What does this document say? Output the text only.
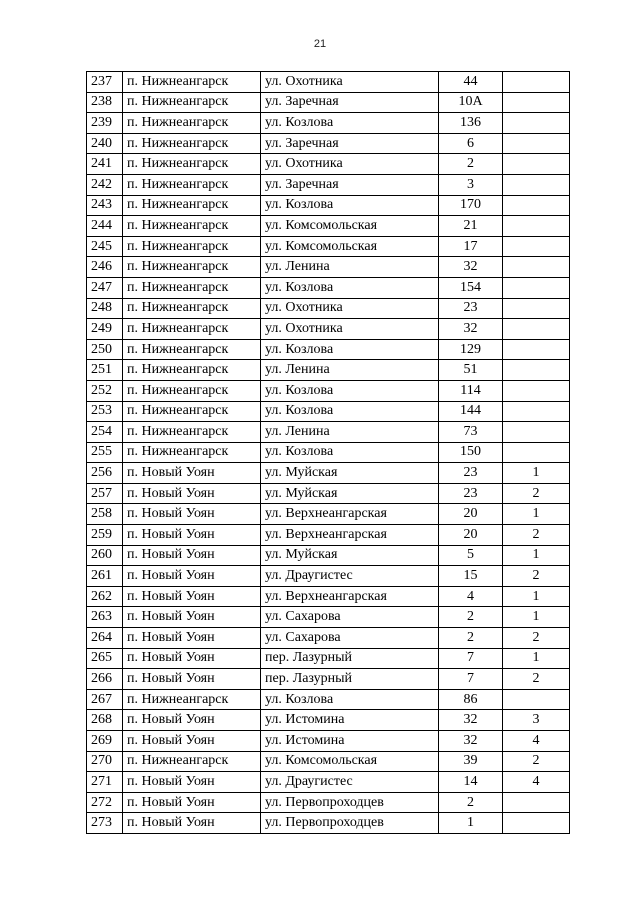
21
237	п. Нижнеангарск	ул. Охотника	44	
238	п. Нижнеангарск	ул. Заречная	10А	
239	п. Нижнеангарск	ул. Козлова	136	
240	п. Нижнеангарск	ул. Заречная	6	
241	п. Нижнеангарск	ул. Охотника	2	
242	п. Нижнеангарск	ул. Заречная	3	
243	п. Нижнеангарск	ул. Козлова	170	
244	п. Нижнеангарск	ул. Комсомольская	21	
245	п. Нижнеангарск	ул. Комсомольская	17	
246	п. Нижнеангарск	ул. Ленина	32	
247	п. Нижнеангарск	ул. Козлова	154	
248	п. Нижнеангарск	ул. Охотника	23	
249	п. Нижнеангарск	ул. Охотника	32	
250	п. Нижнеангарск	ул. Козлова	129	
251	п. Нижнеангарск	ул. Ленина	51	
252	п. Нижнеангарск	ул. Козлова	114	
253	п. Нижнеангарск	ул. Козлова	144	
254	п. Нижнеангарск	ул. Ленина	73	
255	п. Нижнеангарск	ул. Козлова	150	
256	п. Новый Уоян	ул. Муйская	23	1
257	п. Новый Уоян	ул. Муйская	23	2
258	п. Новый Уоян	ул. Верхнеангарская	20	1
259	п. Новый Уоян	ул. Верхнеангарская	20	2
260	п. Новый Уоян	ул. Муйская	5	1
261	п. Новый Уоян	ул. Драугистес	15	2
262	п. Новый Уоян	ул. Верхнеангарская	4	1
263	п. Новый Уоян	ул. Сахарова	2	1
264	п. Новый Уоян	ул. Сахарова	2	2
265	п. Новый Уоян	пер. Лазурный	7	1
266	п. Новый Уоян	пер. Лазурный	7	2
267	п. Нижнеангарск	ул. Козлова	86	
268	п. Новый Уоян	ул. Истомина	32	3
269	п. Новый Уоян	ул. Истомина	32	4
270	п. Нижнеангарск	ул. Комсомольская	39	2
271	п. Новый Уоян	ул. Драугистес	14	4
272	п. Новый Уоян	ул. Первопроходцев	2	
273	п. Новый Уоян	ул. Первопроходцев	1	
